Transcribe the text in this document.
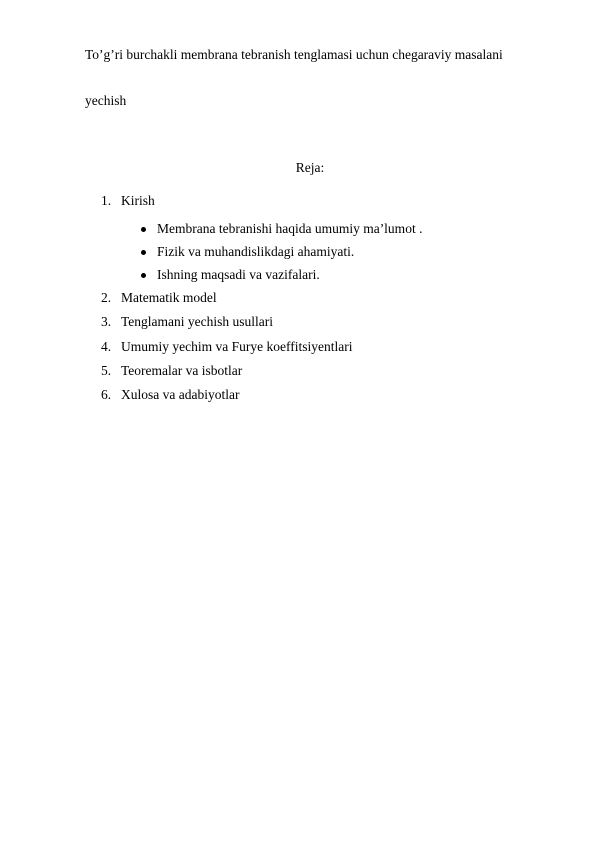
To’g’ri burchakli membrana tebranish tenglamasi uchun chegaraviy masalani
yechish
Reja:
1. Kirish
Membrana tebranishi haqida umumiy ma’lumot .
Fizik va muhandislikdagi ahamiyati.
Ishning maqsadi va vazifalari.
2. Matematik model
3. Tenglamani yechish usullari
4. Umumiy yechim va Furye koeffitsiyentlari
5. Teoremalar va isbotlar
6. Xulosa va adabiyotlar
